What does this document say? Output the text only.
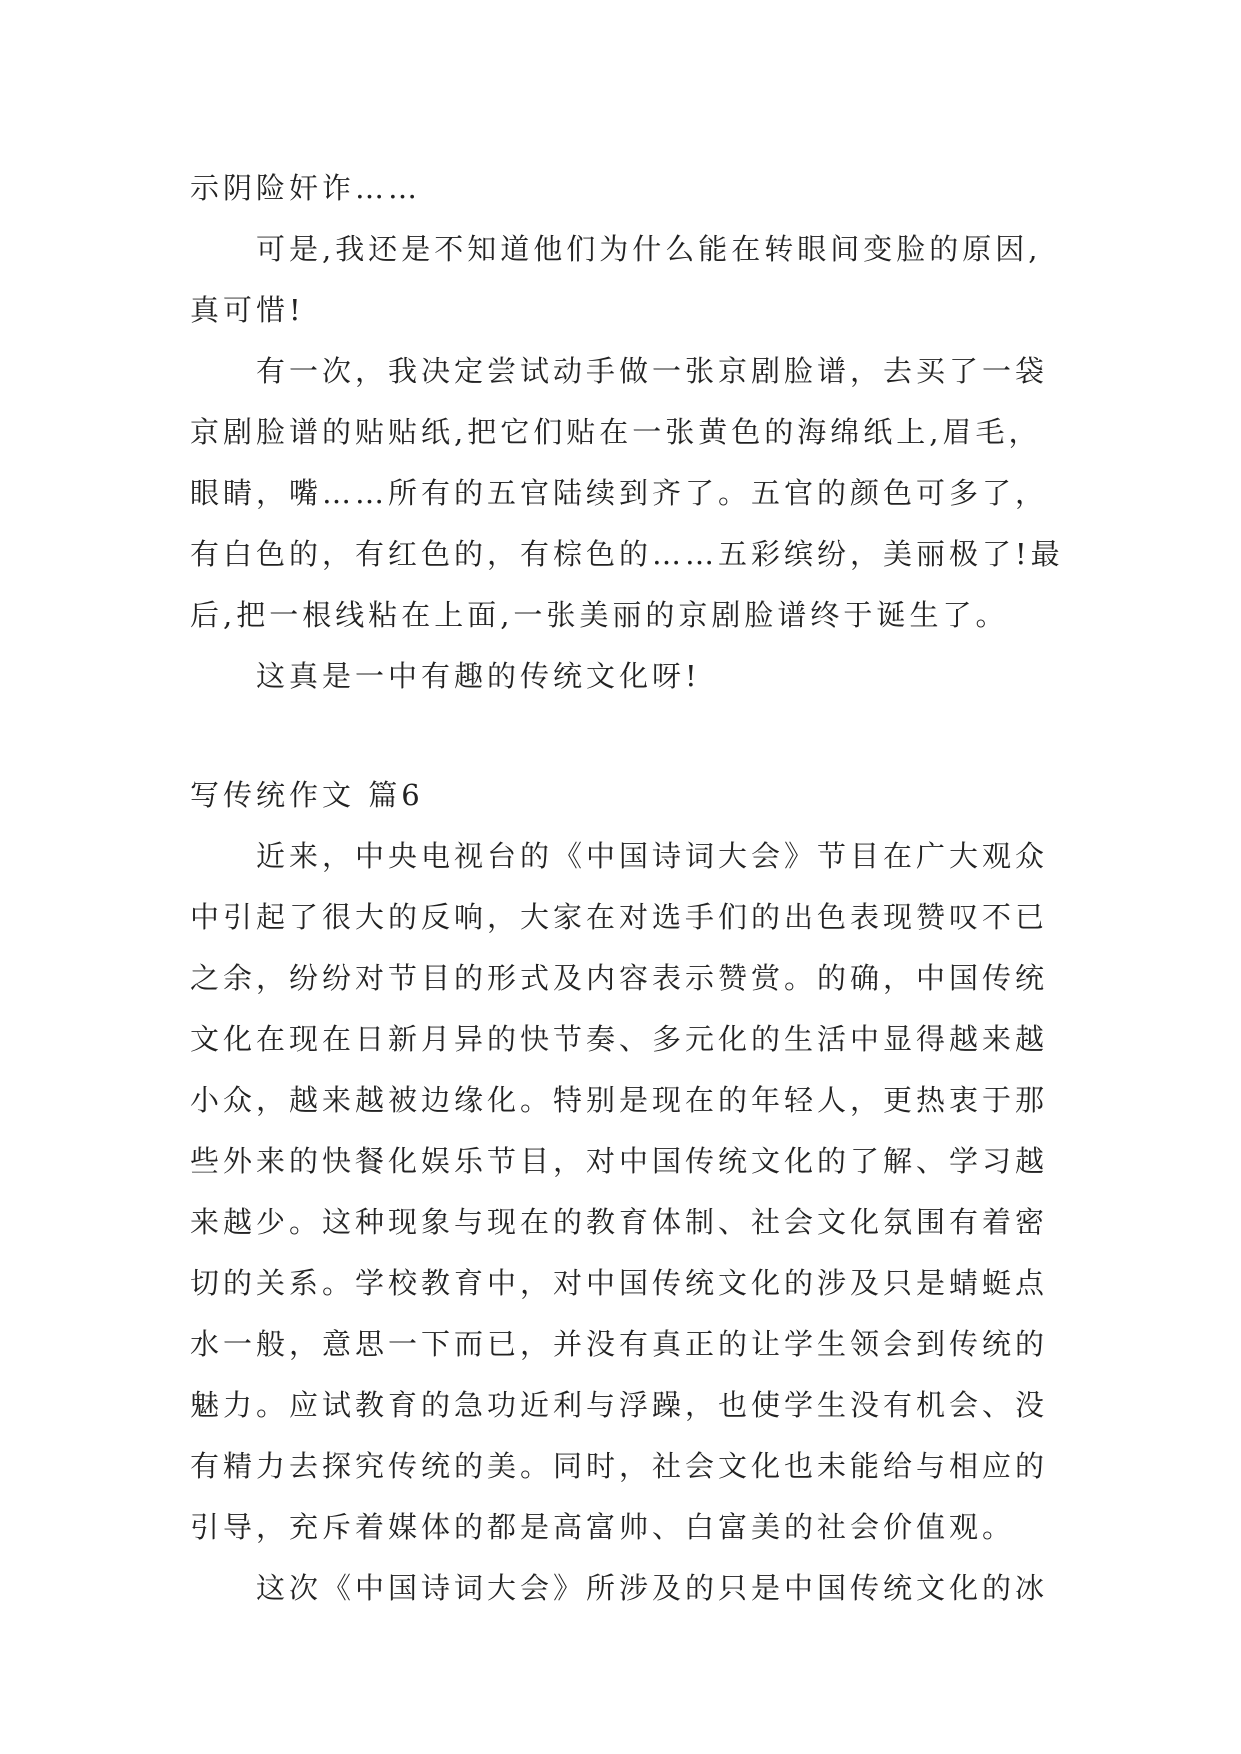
示阴险奸诈……

可是,我还是不知道他们为什么能在转眼间变脸的原因,真可惜!

有一次，我决定尝试动手做一张京剧脸谱，去买了一袋京剧脸谱的贴贴纸,把它们贴在一张黄色的海绵纸上,眉毛，眼睛，嘴……所有的五官陆续到齐了。五官的颜色可多了，有白色的，有红色的，有棕色的……五彩缤纷，美丽极了!最后,把一根线粘在上面,一张美丽的京剧脸谱终于诞生了。

这真是一中有趣的传统文化呀!

写传统作文 篇6

近来，中央电视台的《中国诗词大会》节目在广大观众中引起了很大的反响，大家在对选手们的出色表现赞叹不已之余，纷纷对节目的形式及内容表示赞赏。的确，中国传统文化在现在日新月异的快节奏、多元化的生活中显得越来越小众，越来越被边缘化。特别是现在的年轻人，更热衷于那些外来的快餐化娱乐节目，对中国传统文化的了解、学习越来越少。这种现象与现在的教育体制、社会文化氛围有着密切的关系。学校教育中，对中国传统文化的涉及只是蜻蜓点水一般，意思一下而已，并没有真正的让学生领会到传统的魅力。应试教育的急功近利与浮躁，也使学生没有机会、没有精力去探究传统的美。同时，社会文化也未能给与相应的引导，充斥着媒体的都是高富帅、白富美的社会价值观。

这次《中国诗词大会》所涉及的只是中国传统文化的冰
